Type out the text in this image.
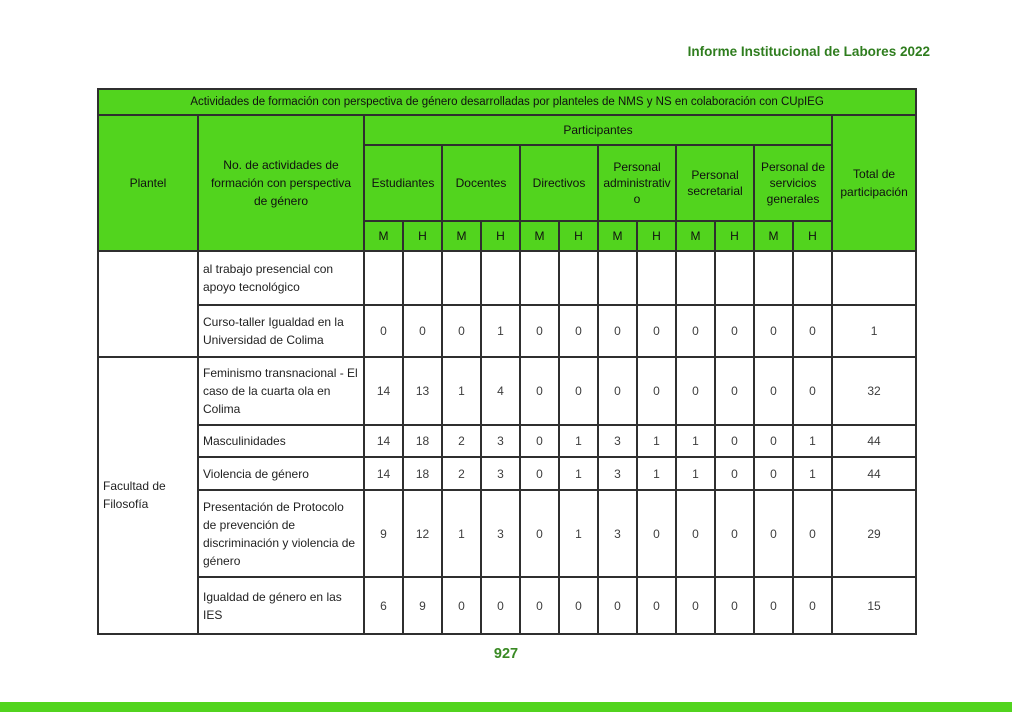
Informe Institucional de Labores 2022
Actividades de formación con perspectiva de género desarrolladas por planteles de NMS y NS en colaboración con CUpIEG														
Plantel	No. de actividades de formación con perspectiva de género	Participantes												Total de participación
		Estudiantes		Docentes		Directivos		Personal administrativo		Personal secretarial		Personal de servicios generales		
		M	H	M	H	M	H	M	H	M	H	M	H	
	al trabajo presencial con apoyo tecnológico													
	Curso-taller Igualdad en la Universidad de Colima	0	0	0	1	0	0	0	0	0	0	0	0	1
Facultad de Filosofía	Feminismo transnacional - El caso de la cuarta ola en Colima	14	13	1	4	0	0	0	0	0	0	0	0	32
	Masculinidades	14	18	2	3	0	1	3	1	1	0	0	1	44
	Violencia de género	14	18	2	3	0	1	3	1	1	0	0	1	44
	Presentación de Protocolo de prevención de discriminación y violencia de género	9	12	1	3	0	1	3	0	0	0	0	0	29
	Igualdad de género en las IES	6	9	0	0	0	0	0	0	0	0	0	0	15
927
